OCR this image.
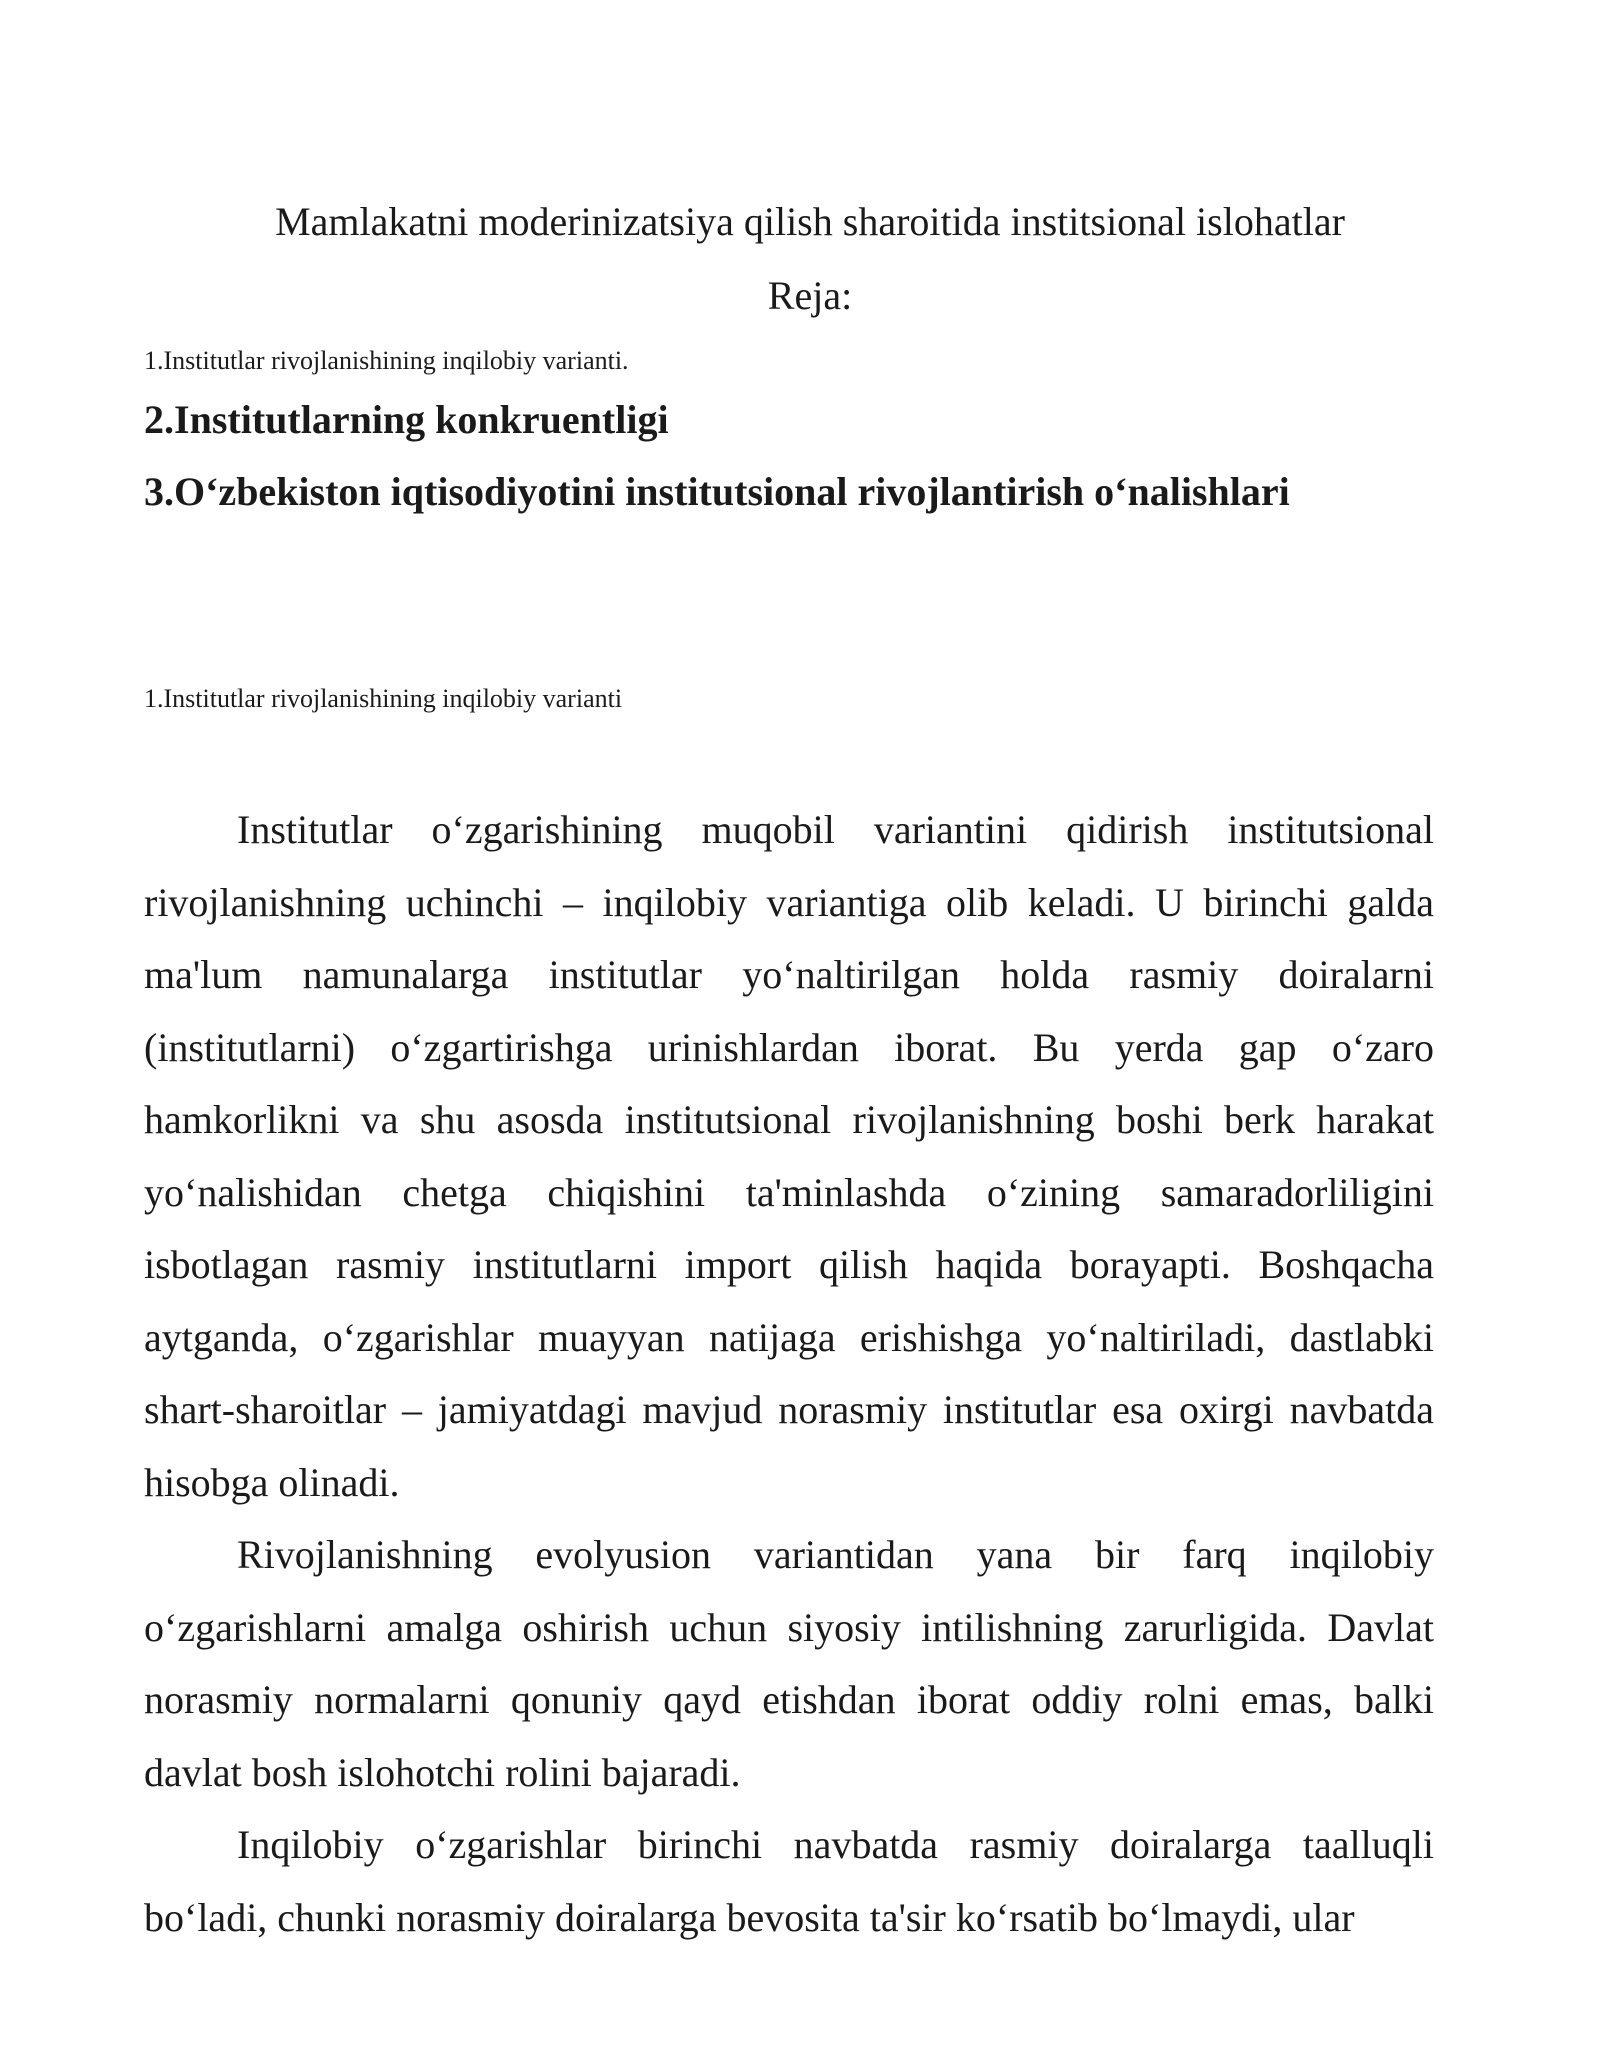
Mamlakatni moderinizatsiya qilish sharoitida institsional islohatlar

Reja:

1.Institutlar rivojlanishining inqilobiy varianti.

2.Institutlarning konkruentligi

3.O‘zbekiston iqtisodiyotini institutsional rivojlantirish o‘nalishlari

1.Institutlar rivojlanishining inqilobiy varianti

Institutlar o‘zgarishining muqobil variantini qidirish institutsional rivojlanishning uchinchi – inqilobiy variantiga olib keladi. U birinchi galda ma'lum namunalarga institutlar yo‘naltirilgan holda rasmiy doiralarni (institutlarni) o‘zgartirishga urinishlardan iborat. Bu yerda gap o‘zaro hamkorlikni va shu asosda institutsional rivojlanishning boshi berk harakat yo‘nalishidan chetga chiqishini ta'minlashda o‘zining samaradorliligini isbotlagan rasmiy institutlarni import qilish haqida borayapti. Boshqacha aytganda, o‘zgarishlar muayyan natijaga erishishga yo‘naltiriladi, dastlabki shart-sharoitlar – jamiyatdagi mavjud norasmiy institutlar esa oxirgi navbatda hisobga olinadi.

Rivojlanishning evolyusion variantidan yana bir farq inqilobiy o‘zgarishlarni amalga oshirish uchun siyosiy intilishning zarurligida. Davlat norasmiy normalarni qonuniy qayd etishdan iborat oddiy rolni emas, balki davlat bosh islohotchi rolini bajaradi.

Inqilobiy o‘zgarishlar birinchi navbatda rasmiy doiralarga taalluqli bo‘ladi, chunki norasmiy doiralarga bevosita ta'sir ko‘rsatib bo‘lmaydi, ular
